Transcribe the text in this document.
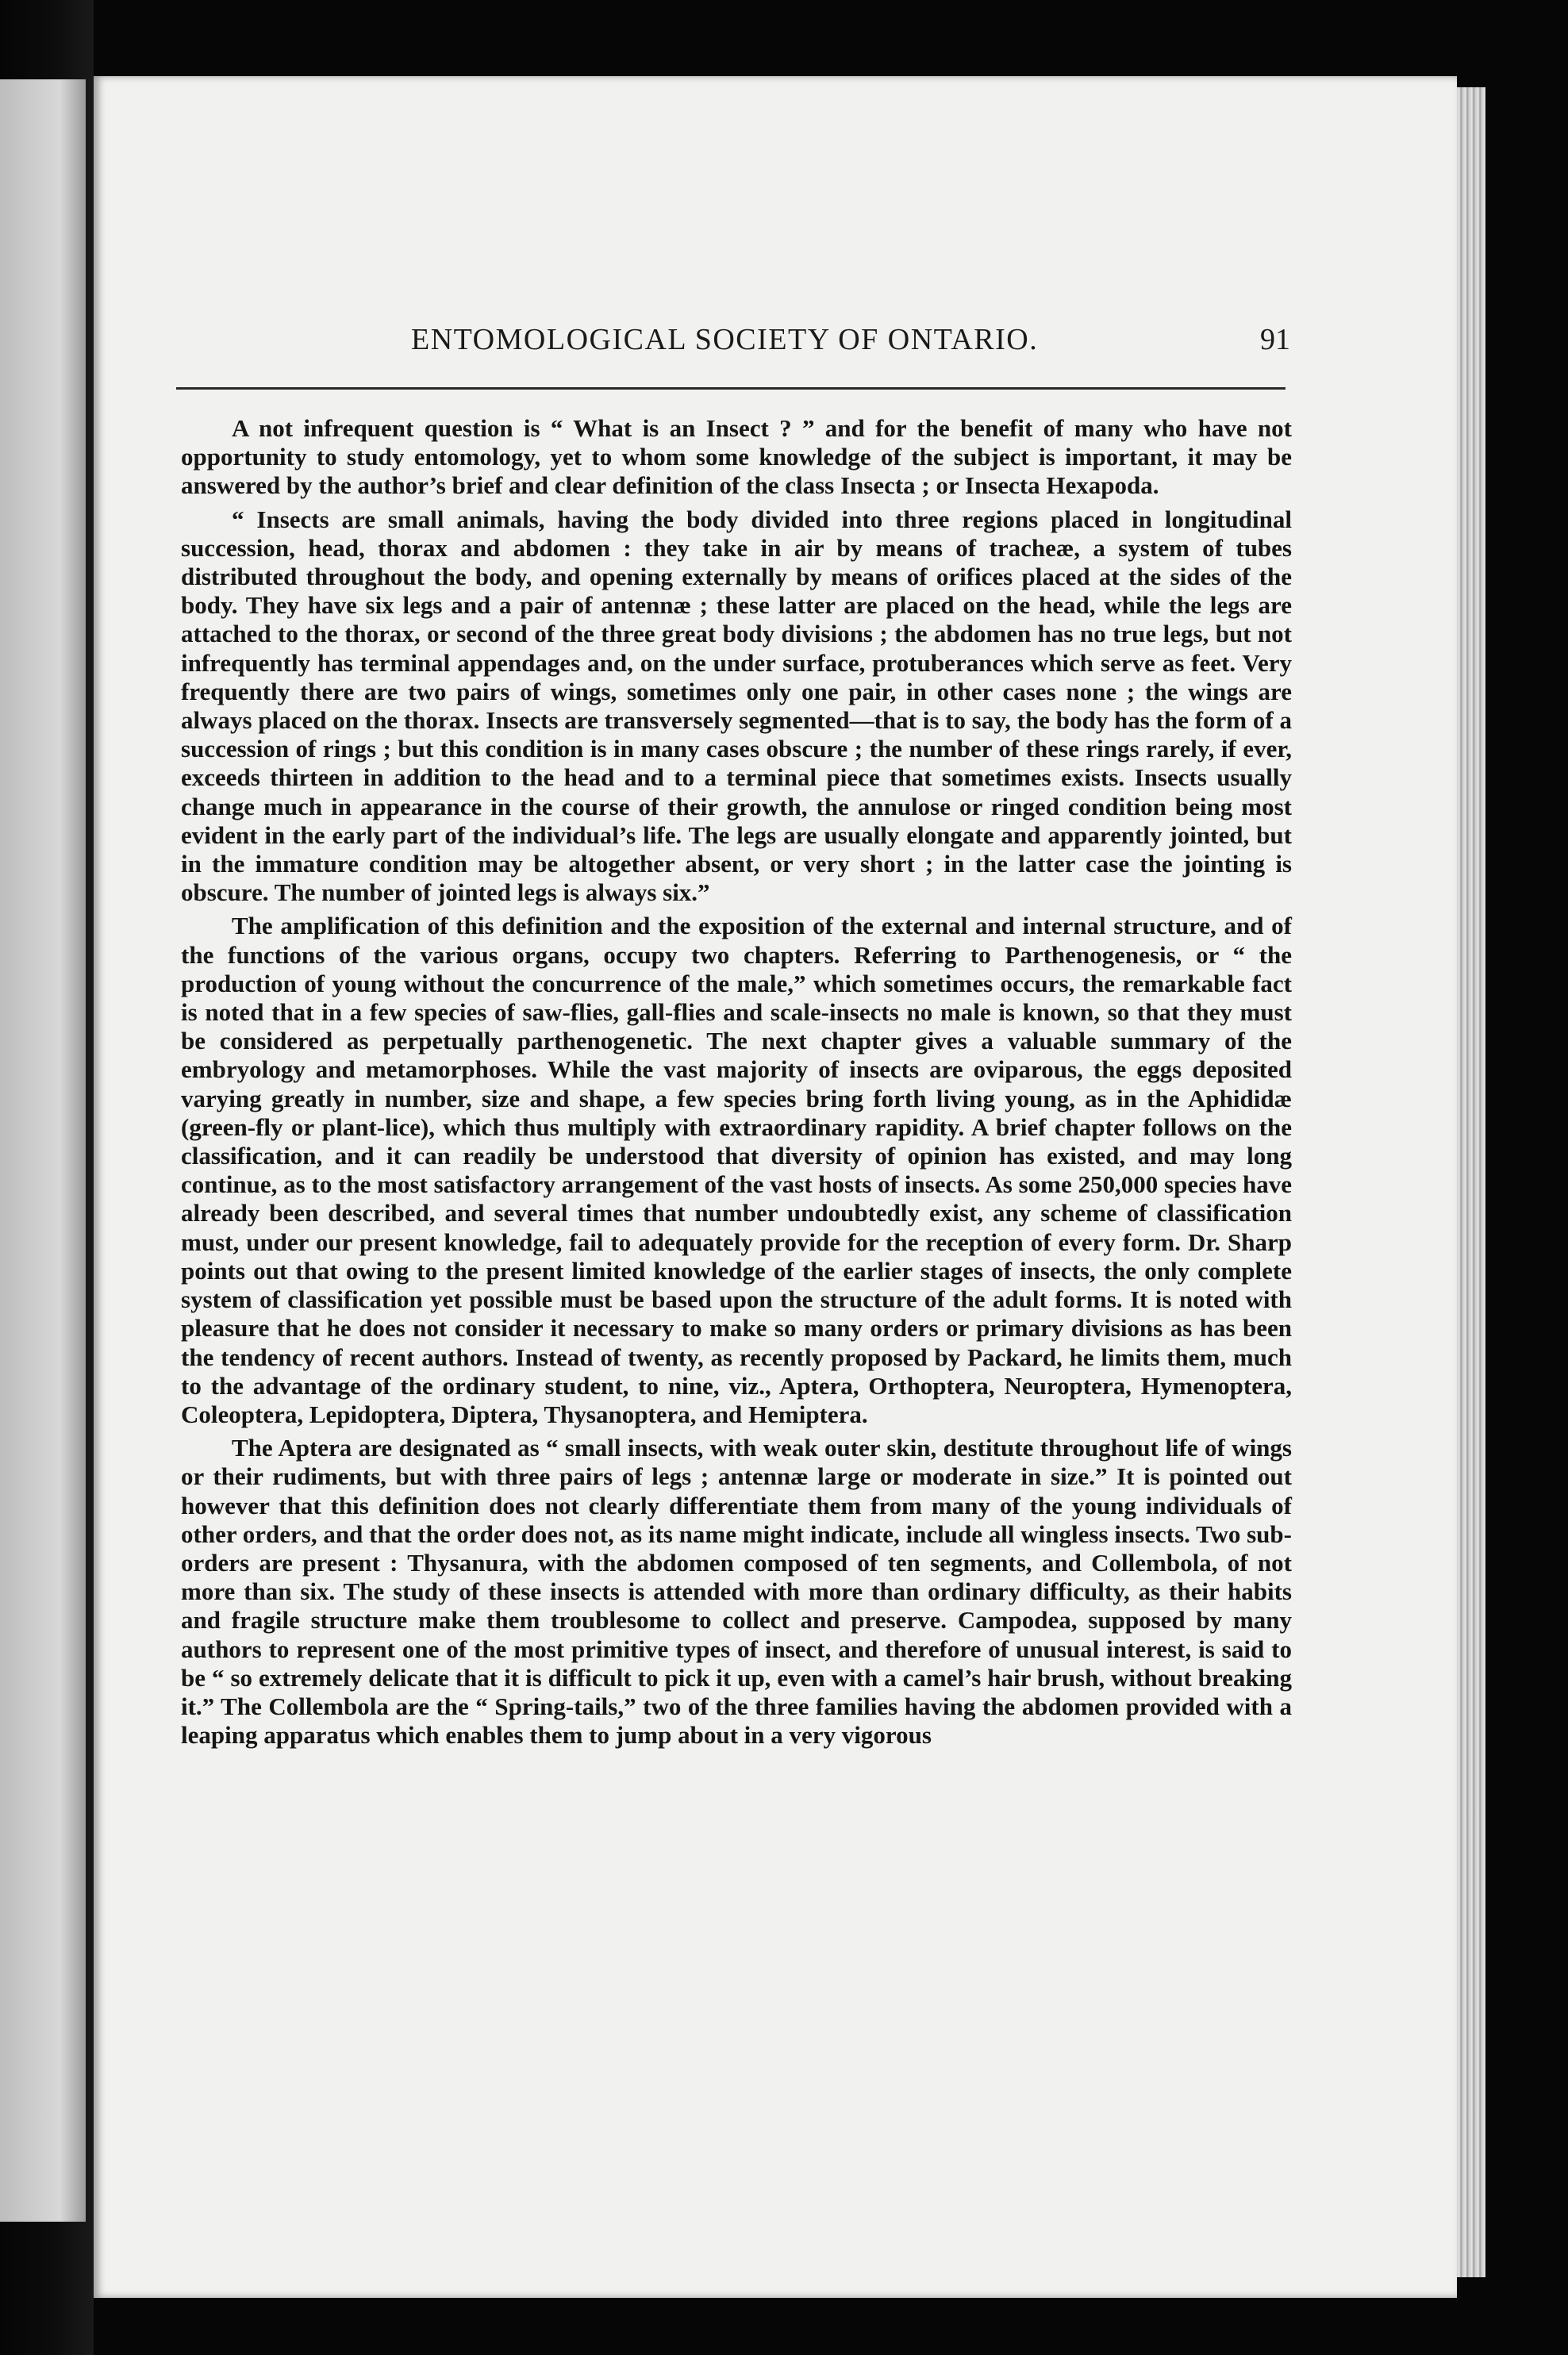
ENTOMOLOGICAL SOCIETY OF ONTARIO.	91

A not infrequent question is “ What is an Insect ? ” and for the benefit of many who have not opportunity to study entomology, yet to whom some knowledge of the subject is important, it may be answered by the author’s brief and clear definition of the class Insecta ; or Insecta Hexapoda.

“ Insects are small animals, having the body divided into three regions placed in longitudinal succession, head, thorax and abdomen : they take in air by means of tracheæ, a system of tubes distributed throughout the body, and opening externally by means of orifices placed at the sides of the body. They have six legs and a pair of antennæ ; these latter are placed on the head, while the legs are attached to the thorax, or second of the three great body divisions ; the abdomen has no true legs, but not infrequently has terminal appendages and, on the under surface, protuberances which serve as feet. Very frequently there are two pairs of wings, sometimes only one pair, in other cases none ; the wings are always placed on the thorax. Insects are transversely segmented—that is to say, the body has the form of a succession of rings ; but this condition is in many cases obscure ; the number of these rings rarely, if ever, exceeds thirteen in addition to the head and to a terminal piece that sometimes exists. Insects usually change much in appearance in the course of their growth, the annulose or ringed condition being most evident in the early part of the individual’s life. The legs are usually elongate and apparently jointed, but in the immature condition may be altogether absent, or very short ; in the latter case the jointing is obscure. The number of jointed legs is always six.”

The amplification of this definition and the exposition of the external and internal structure, and of the functions of the various organs, occupy two chapters. Referring to Parthenogenesis, or “ the production of young without the concurrence of the male,” which sometimes occurs, the remarkable fact is noted that in a few species of saw-flies, gall-flies and scale-insects no male is known, so that they must be considered as perpetually parthenogenetic. The next chapter gives a valuable summary of the embryology and metamorphoses. While the vast majority of insects are oviparous, the eggs deposited varying greatly in number, size and shape, a few species bring forth living young, as in the Aphididæ (green-fly or plant-lice), which thus multiply with extraordinary rapidity. A brief chapter follows on the classification, and it can readily be understood that diversity of opinion has existed, and may long continue, as to the most satisfactory arrangement of the vast hosts of insects. As some 250,000 species have already been described, and several times that number undoubtedly exist, any scheme of classification must, under our present knowledge, fail to adequately provide for the reception of every form. Dr. Sharp points out that owing to the present limited knowledge of the earlier stages of insects, the only complete system of classification yet possible must be based upon the structure of the adult forms. It is noted with pleasure that he does not consider it necessary to make so many orders or primary divisions as has been the tendency of recent authors. Instead of twenty, as recently proposed by Packard, he limits them, much to the advantage of the ordinary student, to nine, viz., Aptera, Orthoptera, Neuroptera, Hymenoptera, Coleoptera, Lepidoptera, Diptera, Thysanoptera, and Hemiptera.

The Aptera are designated as “ small insects, with weak outer skin, destitute throughout life of wings or their rudiments, but with three pairs of legs ; antennæ large or moderate in size.” It is pointed out however that this definition does not clearly differentiate them from many of the young individuals of other orders, and that the order does not, as its name might indicate, include all wingless insects. Two sub-orders are present : Thysanura, with the abdomen composed of ten segments, and Collembola, of not more than six. The study of these insects is attended with more than ordinary difficulty, as their habits and fragile structure make them troublesome to collect and preserve. Campodea, supposed by many authors to represent one of the most primitive types of insect, and therefore of unusual interest, is said to be “ so extremely delicate that it is difficult to pick it up, even with a camel’s hair brush, without breaking it.” The Collembola are the “ Spring-tails,” two of the three families having the abdomen provided with a leaping apparatus which enables them to jump about in a very vigorous
